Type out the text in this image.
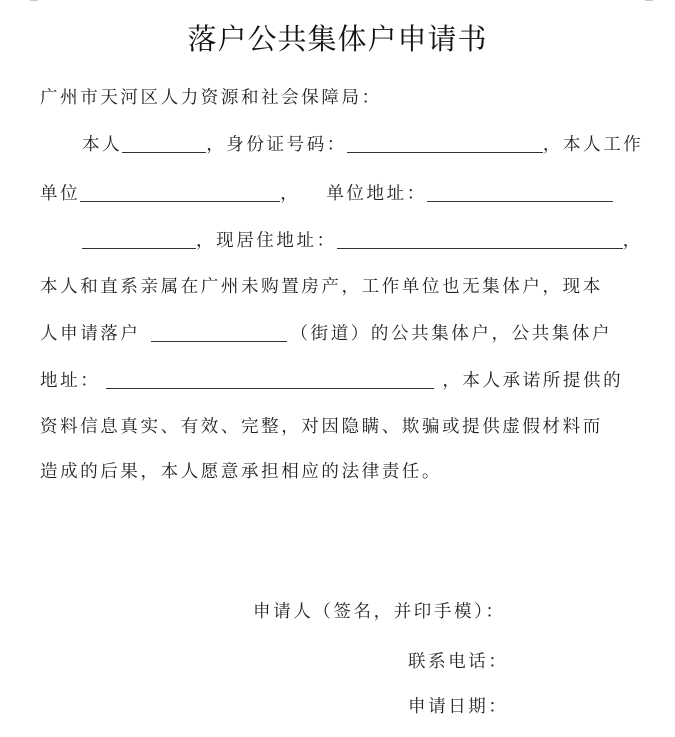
落户公共集体户申请书
广州市天河区人力资源和社会保障局：
本人	，身份证号码：	，本人工作
单位	， 单位地址：
，现居住地址：	，
本人和直系亲属在广州未购置房产，工作单位也无集体户，现本
人申请落户	（街道）的公共集体户，公共集体户
地址：	，本人承诺所提供的
资料信息真实、有效、完整，对因隐瞒、欺骗或提供虚假材料而
造成的后果，本人愿意承担相应的法律责任。
申请人（签名，并印手模）：
联系电话：
申请日期：
